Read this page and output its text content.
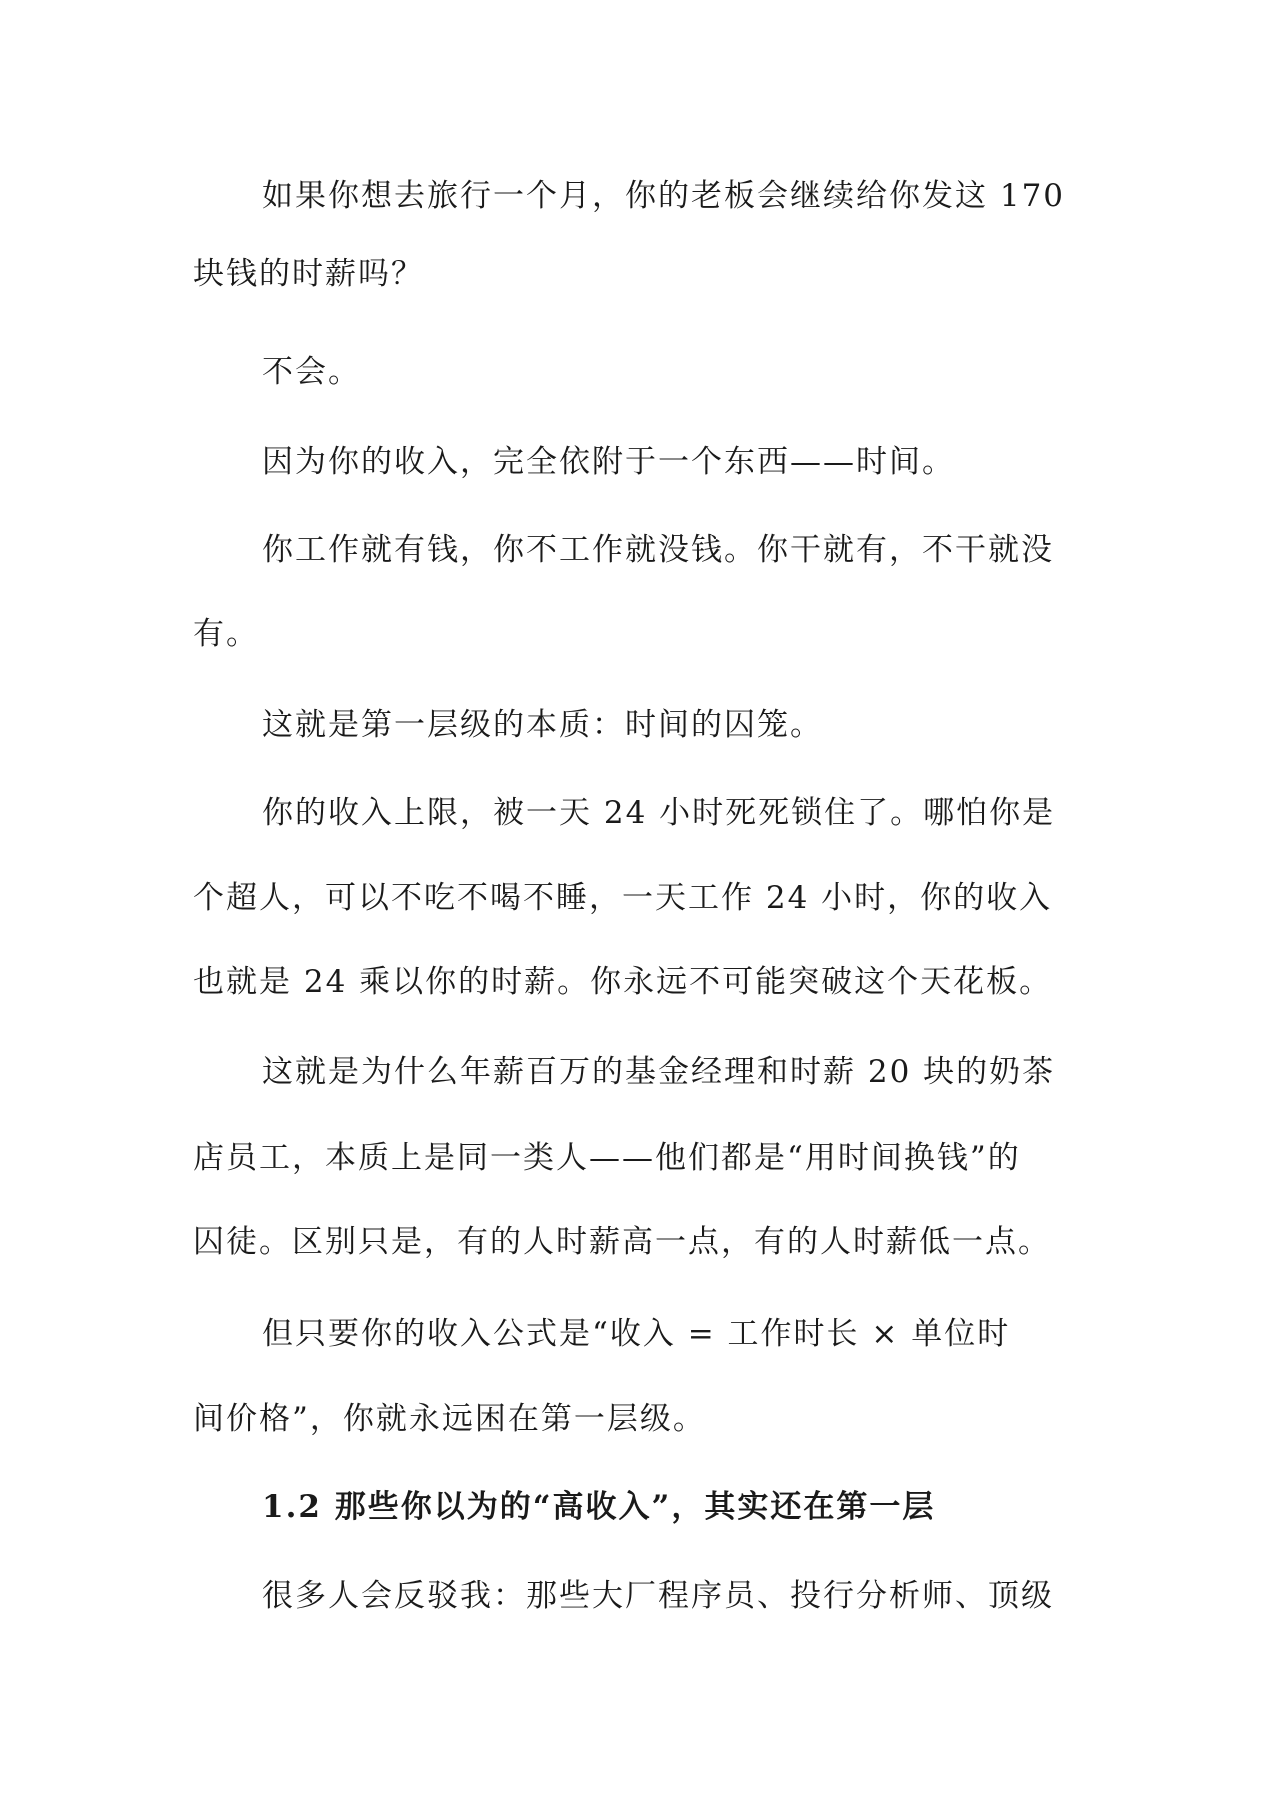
如果你想去旅行一个月，你的老板会继续给你发这 170

块钱的时薪吗？

不会。

因为你的收入，完全依附于一个东西——时间。

你工作就有钱，你不工作就没钱。你干就有，不干就没

有。

这就是第一层级的本质：时间的囚笼。

你的收入上限，被一天 24 小时死死锁住了。哪怕你是

个超人，可以不吃不喝不睡，一天工作 24 小时，你的收入

也就是 24 乘以你的时薪。你永远不可能突破这个天花板。

这就是为什么年薪百万的基金经理和时薪 20 块的奶茶

店员工，本质上是同一类人——他们都是“用时间换钱”的

囚徒。区别只是，有的人时薪高一点，有的人时薪低一点。

但只要你的收入公式是“收入 = 工作时长 × 单位时

间价格”，你就永远困在第一层级。

1.2 那些你以为的“高收入”，其实还在第一层

很多人会反驳我：那些大厂程序员、投行分析师、顶级
